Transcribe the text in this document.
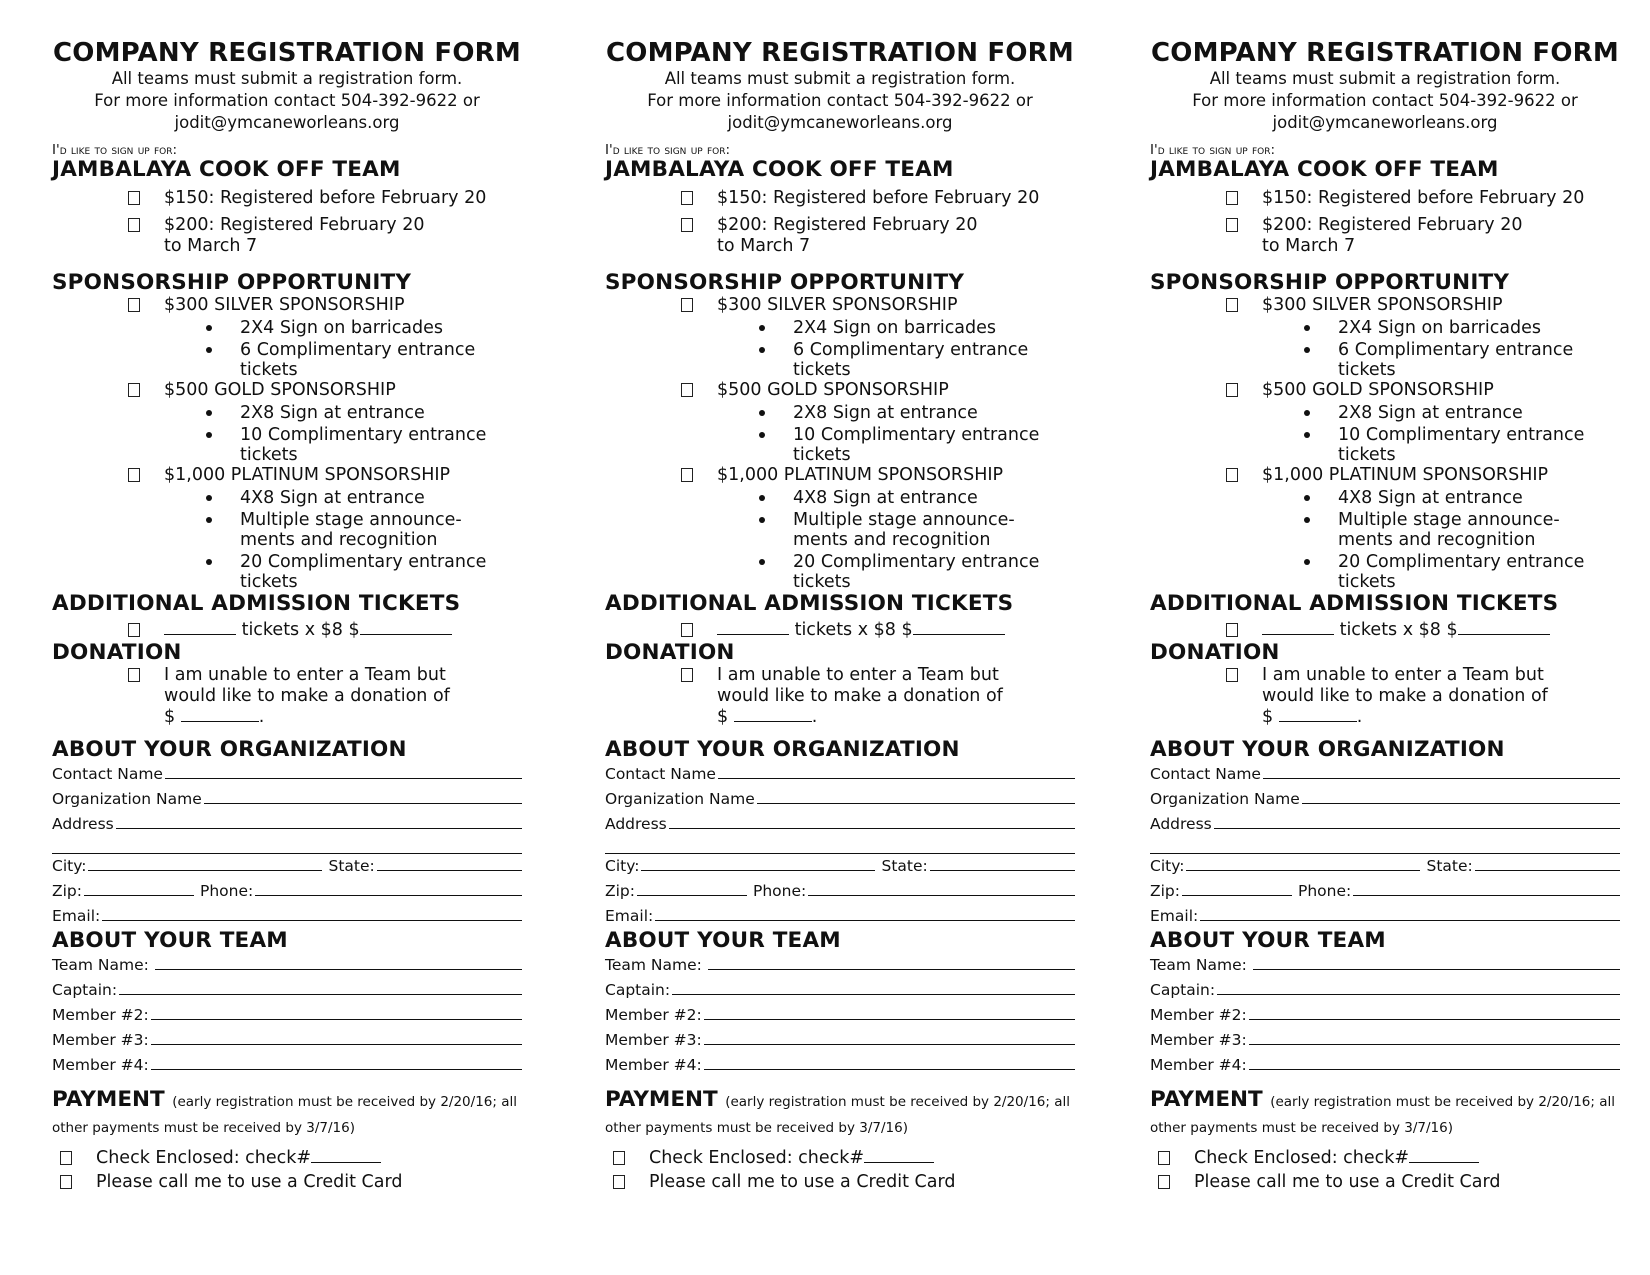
COMPANY REGISTRATION FORM
All teams must submit a registration form.
For more information contact 504-392-9622 or
jodit@ymcaneworleans.org
I'd like to sign up for:
JAMBALAYA COOK OFF TEAM
$150: Registered before February 20
$200: Registered February 20 to March 7
SPONSORSHIP OPPORTUNITY
$300 SILVER SPONSORSHIP
2X4 Sign on barricades
6 Complimentary entrance tickets
$500 GOLD SPONSORSHIP
2X8 Sign at entrance
10 Complimentary entrance tickets
$1,000 PLATINUM SPONSORSHIP
4X8 Sign at entrance
Multiple stage announce-ments and recognition
20 Complimentary entrance tickets
ADDITIONAL ADMISSION TICKETS
tickets x $8 $
DONATION
I am unable to enter a Team but would like to make a donation of $	.
ABOUT YOUR ORGANIZATION
Contact Name
Organization Name
Address
City:	State:
Zip:	Phone:
Email:
ABOUT YOUR TEAM
Team Name:
Captain:
Member #2:
Member #3:
Member #4:
PAYMENT (early registration must be received by 2/20/16; all other payments must be received by 3/7/16)
Check Enclosed: check#
Please call me to use a Credit Card
COMPANY REGISTRATION FORM
All teams must submit a registration form.
For more information contact 504-392-9622 or
jodit@ymcaneworleans.org
I'd like to sign up for:
JAMBALAYA COOK OFF TEAM
$150: Registered before February 20
$200: Registered February 20 to March 7
SPONSORSHIP OPPORTUNITY
$300 SILVER SPONSORSHIP
2X4 Sign on barricades
6 Complimentary entrance tickets
$500 GOLD SPONSORSHIP
2X8 Sign at entrance
10 Complimentary entrance tickets
$1,000 PLATINUM SPONSORSHIP
4X8 Sign at entrance
Multiple stage announce-ments and recognition
20 Complimentary entrance tickets
ADDITIONAL ADMISSION TICKETS
tickets x $8 $
DONATION
I am unable to enter a Team but would like to make a donation of $	.
ABOUT YOUR ORGANIZATION
Contact Name
Organization Name
Address
City:	State:
Zip:	Phone:
Email:
ABOUT YOUR TEAM
Team Name:
Captain:
Member #2:
Member #3:
Member #4:
PAYMENT (early registration must be received by 2/20/16; all other payments must be received by 3/7/16)
Check Enclosed: check#
Please call me to use a Credit Card
COMPANY REGISTRATION FORM
All teams must submit a registration form.
For more information contact 504-392-9622 or
jodit@ymcaneworleans.org
I'd like to sign up for:
JAMBALAYA COOK OFF TEAM
$150: Registered before February 20
$200: Registered February 20 to March 7
SPONSORSHIP OPPORTUNITY
$300 SILVER SPONSORSHIP
2X4 Sign on barricades
6 Complimentary entrance tickets
$500 GOLD SPONSORSHIP
2X8 Sign at entrance
10 Complimentary entrance tickets
$1,000 PLATINUM SPONSORSHIP
4X8 Sign at entrance
Multiple stage announce-ments and recognition
20 Complimentary entrance tickets
ADDITIONAL ADMISSION TICKETS
tickets x $8 $
DONATION
I am unable to enter a Team but would like to make a donation of $	.
ABOUT YOUR ORGANIZATION
Contact Name
Organization Name
Address
City:	State:
Zip:	Phone:
Email:
ABOUT YOUR TEAM
Team Name:
Captain:
Member #2:
Member #3:
Member #4:
PAYMENT (early registration must be received by 2/20/16; all other payments must be received by 3/7/16)
Check Enclosed: check#
Please call me to use a Credit Card
